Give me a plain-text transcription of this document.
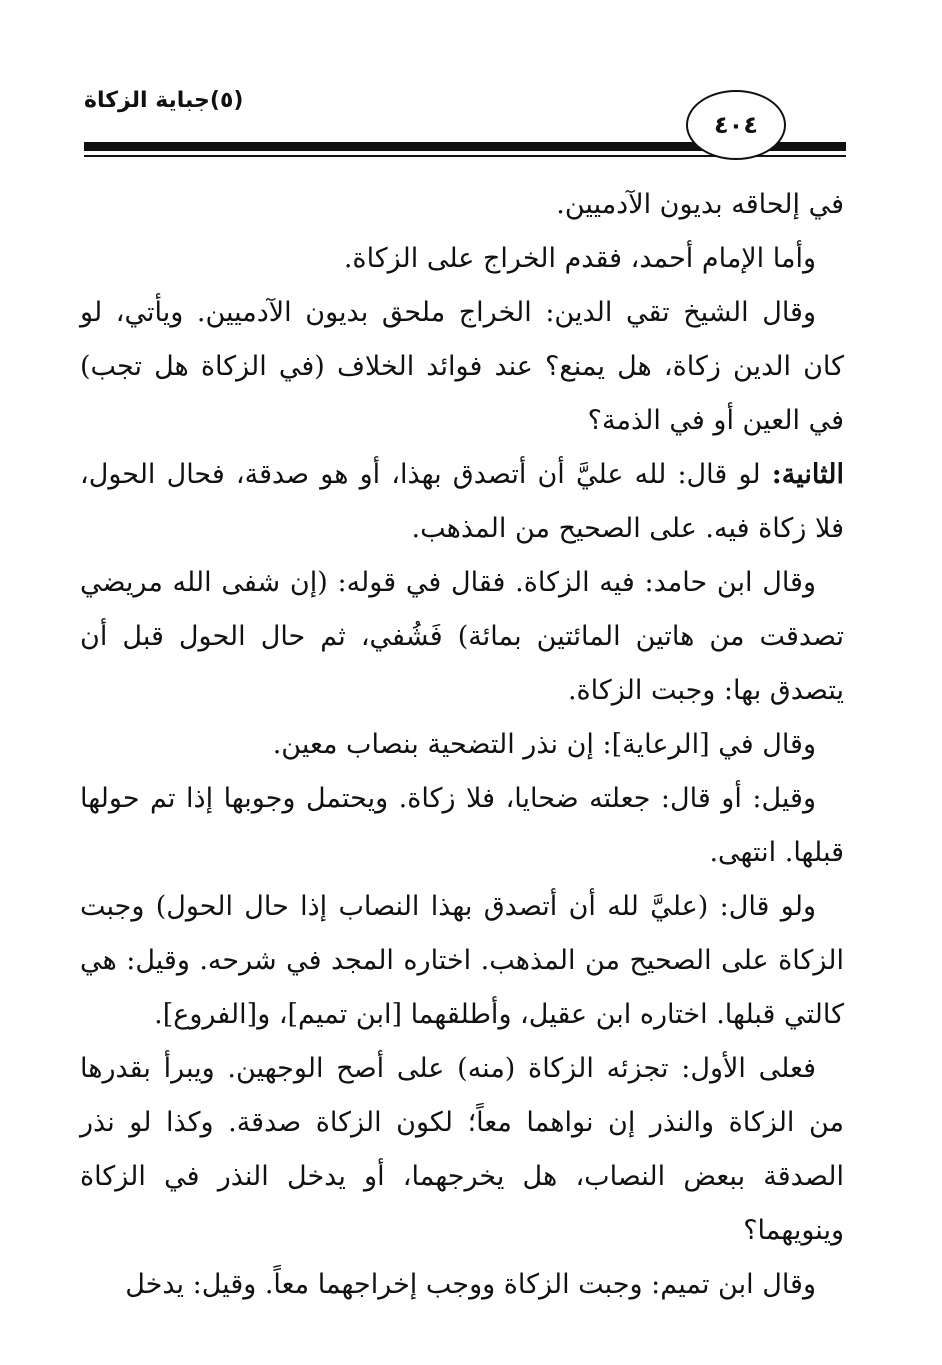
(٥)جباية الزكاة
٤٠٤

في إلحاقه بديون الآدميين.

وأما الإمام أحمد، فقدم الخراج على الزكاة.

وقال الشيخ تقي الدين: الخراج ملحق بديون الآدميين. ويأتي، لو كان الدين زكاة، هل يمنع؟ عند فوائد الخلاف (في الزكاة هل تجب) في العين أو في الذمة؟

الثانية: لو قال: لله عليَّ أن أتصدق بهذا، أو هو صدقة، فحال الحول، فلا زكاة فيه. على الصحيح من المذهب.

وقال ابن حامد: فيه الزكاة. فقال في قوله: (إن شفى الله مريضي تصدقت من هاتين المائتين بمائة) فَشُفي، ثم حال الحول قبل أن يتصدق بها: وجبت الزكاة.

وقال في [الرعاية]: إن نذر التضحية بنصاب معين.

وقيل: أو قال: جعلته ضحايا، فلا زكاة. ويحتمل وجوبها إذا تم حولها قبلها. انتهى.

ولو قال: (عليَّ لله أن أتصدق بهذا النصاب إذا حال الحول) وجبت الزكاة على الصحيح من المذهب. اختاره المجد في شرحه. وقيل: هي كالتي قبلها. اختاره ابن عقيل، وأطلقهما [ابن تميم]، و[الفروع].

فعلى الأول: تجزئه الزكاة (منه) على أصح الوجهين. ويبرأ بقدرها من الزكاة والنذر إن نواهما معاً؛ لكون الزكاة صدقة. وكذا لو نذر الصدقة ببعض النصاب، هل يخرجهما، أو يدخل النذر في الزكاة وينويهما؟

وقال ابن تميم: وجبت الزكاة ووجب إخراجهما معاً. وقيل: يدخل
